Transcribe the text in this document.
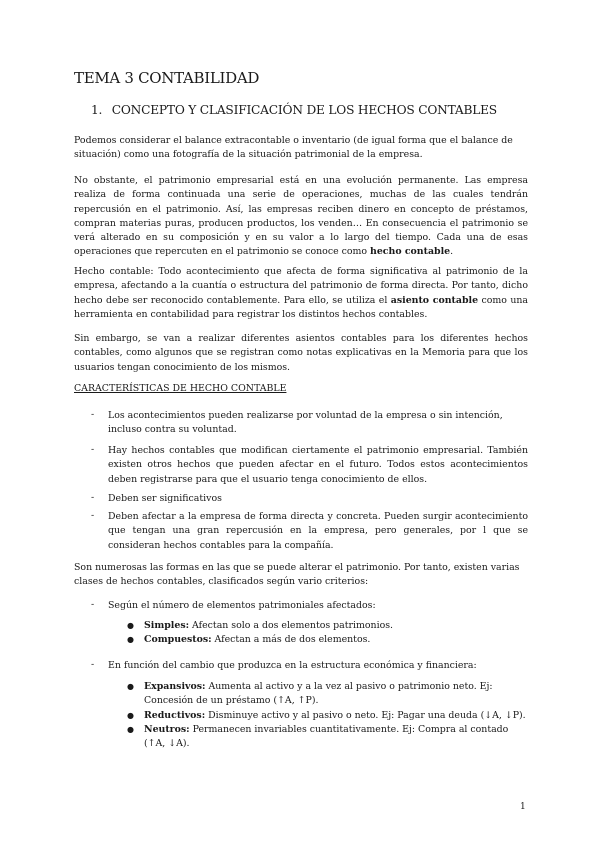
TEMA 3 CONTABILIDAD
1. CONCEPTO Y CLASIFICACIÓN DE LOS HECHOS CONTABLES

Podemos considerar el balance extracontable o inventario (de igual forma que el balance de situación) como una fotografía de la situación patrimonial de la empresa.

No obstante, el patrimonio empresarial está en una evolución permanente. Las empresa realiza de forma continuada una serie de operaciones, muchas de las cuales tendrán repercusión en el patrimonio. Así, las empresas reciben dinero en concepto de préstamos, compran materias puras, producen productos, los venden… En consecuencia el patrimonio se verá alterado en su composición y en su valor a lo largo del tiempo. Cada una de esas operaciones que repercuten en el patrimonio se conoce como hecho contable.

Hecho contable: Todo acontecimiento que afecta de forma significativa al patrimonio de la empresa, afectando a la cuantía o estructura del patrimonio de forma directa. Por tanto, dicho hecho debe ser reconocido contablemente. Para ello, se utiliza el asiento contable como una herramienta en contabilidad para registrar los distintos hechos contables.

Sin embargo, se van a realizar diferentes asientos contables para los diferentes hechos contables, como algunos que se registran como notas explicativas en la Memoria para que los usuarios tengan conocimiento de los mismos.

CARACTERÍSTICAS DE HECHO CONTABLE
- Los acontecimientos pueden realizarse por voluntad de la empresa o sin intención, incluso contra su voluntad.

- Hay hechos contables que modifican ciertamente el patrimonio empresarial. También existen otros hechos que pueden afectar en el futuro. Todos estos acontecimientos deben registrarse para que el usuario tenga conocimiento de ellos.

- Deben ser significativos

- Deben afectar a la empresa de forma directa y concreta. Pueden surgir acontecimiento que tengan una gran repercusión en la empresa, pero generales, por l que se consideran hechos contables para la compañía.

Son numerosas las formas en las que se puede alterar el patrimonio. Por tanto, existen varias clases de hechos contables, clasificados según vario criterios:

- Según el número de elementos patrimoniales afectados:

● Simples: Afectan solo a dos elementos patrimonios.

● Compuestos: Afectan a más de dos elementos.

- En función del cambio que produzca en la estructura económica y financiera:

● Expansivos: Aumenta al activo y a la vez al pasivo o patrimonio neto. Ej: Concesión de un préstamo (↑A, ↑P).

● Reductivos: Disminuye activo y al pasivo o neto. Ej: Pagar una deuda (↓A, ↓P).

● Neutros: Permanecen invariables cuantitativamente. Ej: Compra al contado (↑A, ↓A).

1
